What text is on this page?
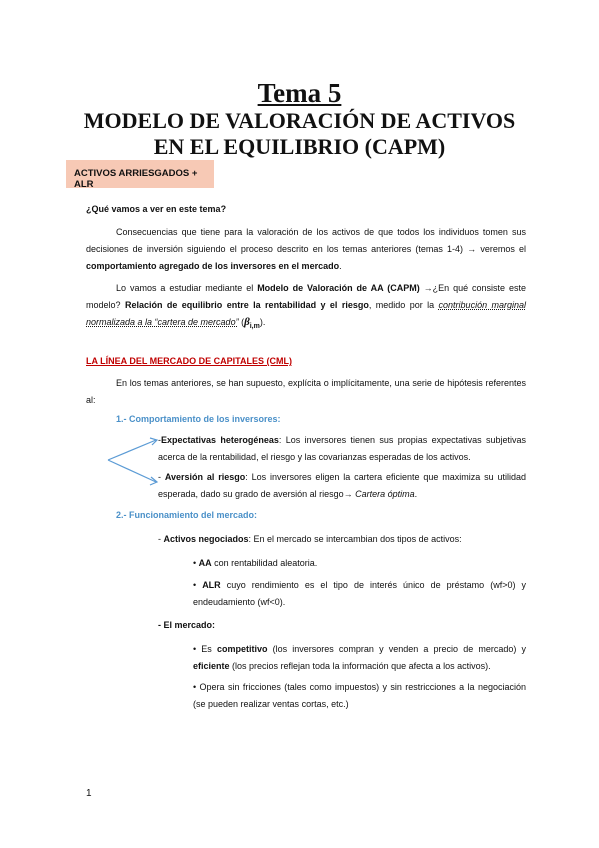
Tema 5
MODELO DE VALORACIÓN DE ACTIVOS
EN EL EQUILIBRIO (CAPM)
ACTIVOS ARRIESGADOS + ALR
¿Qué vamos a ver en este tema?
Consecuencias que tiene para la valoración de los activos de que todos los individuos tomen sus decisiones de inversión siguiendo el proceso descrito en los temas anteriores (temas 1-4) → veremos el comportamiento agregado de los inversores en el mercado.
Lo vamos a estudiar mediante el Modelo de Valoración de AA (CAPM) →¿En qué consiste este modelo? Relación de equilibrio entre la rentabilidad y el riesgo, medido por la contribución marginal normalizada a la “cartera de mercado” $(\beta_{i,m})$.
LA LÍNEA DEL MERCADO DE CAPITALES (CML)
En los temas anteriores, se han supuesto, explícita o implícitamente, una serie de hipótesis referentes al:
1.- Comportamiento de los inversores:
-Expectativas heterogéneas: Los inversores tienen sus propias expectativas subjetivas acerca de la rentabilidad, el riesgo y las covarianzas esperadas de los activos.
- Aversión al riesgo: Los inversores eligen la cartera eficiente que maximiza su utilidad esperada, dado su grado de aversión al riesgo→ Cartera óptima.
2.- Funcionamiento del mercado:
- Activos negociados: En el mercado se intercambian dos tipos de activos:
• AA con rentabilidad aleatoria.
• ALR cuyo rendimiento es el tipo de interés único de préstamo (wf>0) y endeudamiento (wf<0).
- El mercado:
• Es competitivo (los inversores compran y venden a precio de mercado) y eficiente (los precios reflejan toda la información que afecta a los activos).
• Opera sin fricciones (tales como impuestos) y sin restricciones a la negociación (se pueden realizar ventas cortas, etc.)
1
